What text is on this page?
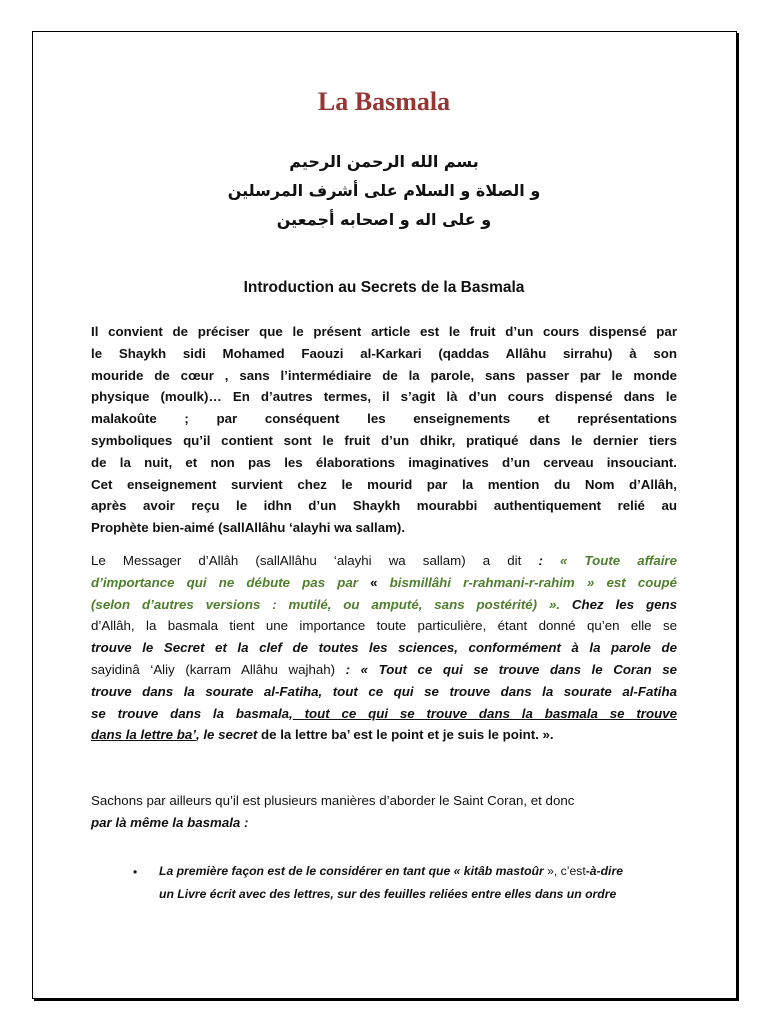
La Basmala
بسم الله الرحمن الرحيم
و الصلاة و السلام على أشرف المرسلين
و على اله و اصحابه أجمعين
Introduction au Secrets de la Basmala
Il convient de préciser que le présent article est le fruit d’un cours dispensé par
le Shaykh sidi Mohamed Faouzi al-Karkari (qaddas Allâhu sirrahu) à son
mouride de cœur , sans l’intermédiaire de la parole, sans passer par le monde
physique (moulk)… En d’autres termes, il s’agit là d’un cours dispensé dans le
malakoûte ; par conséquent les enseignements et représentations
symboliques qu’il contient sont le fruit d’un dhikr, pratiqué dans le dernier tiers
de la nuit, et non pas les élaborations imaginatives d’un cerveau insouciant.
Cet enseignement survient chez le mourid par la mention du Nom d’Allâh,
après avoir reçu le idhn d’un Shaykh mourabbi authentiquement relié au
Prophète bien-aimé (sallAllâhu ‘alayhi wa sallam).
Le Messager d’Allâh (sallAllâhu ‘alayhi wa sallam) a dit : « Toute affaire
d’importance qui ne débute pas par « bismillâhi r-rahmani-r-rahim » est coupé
(selon d’autres versions : mutilé, ou amputé, sans postérité) ». Chez les gens
d’Allâh, la basmala tient une importance toute particulière, étant donné qu’en elle se
trouve le Secret et la clef de toutes les sciences, conformément à la parole de
sayidinâ ‘Aliy (karram Allâhu wajhah) : « Tout ce qui se trouve dans le Coran se
trouve dans la sourate al-Fatiha, tout ce qui se trouve dans la sourate al-Fatiha
se trouve dans la basmala, tout ce qui se trouve dans la basmala se trouve
dans la lettre ba’, le secret de la lettre ba’ est le point et je suis le point. ».
Sachons par ailleurs qu’il est plusieurs manières d’aborder le Saint Coran, et donc
par là même la basmala :
• La première façon est de le considérer en tant que « kitâb mastoûr », c’est-à-dire
un Livre écrit avec des lettres, sur des feuilles reliées entre elles dans un ordre
